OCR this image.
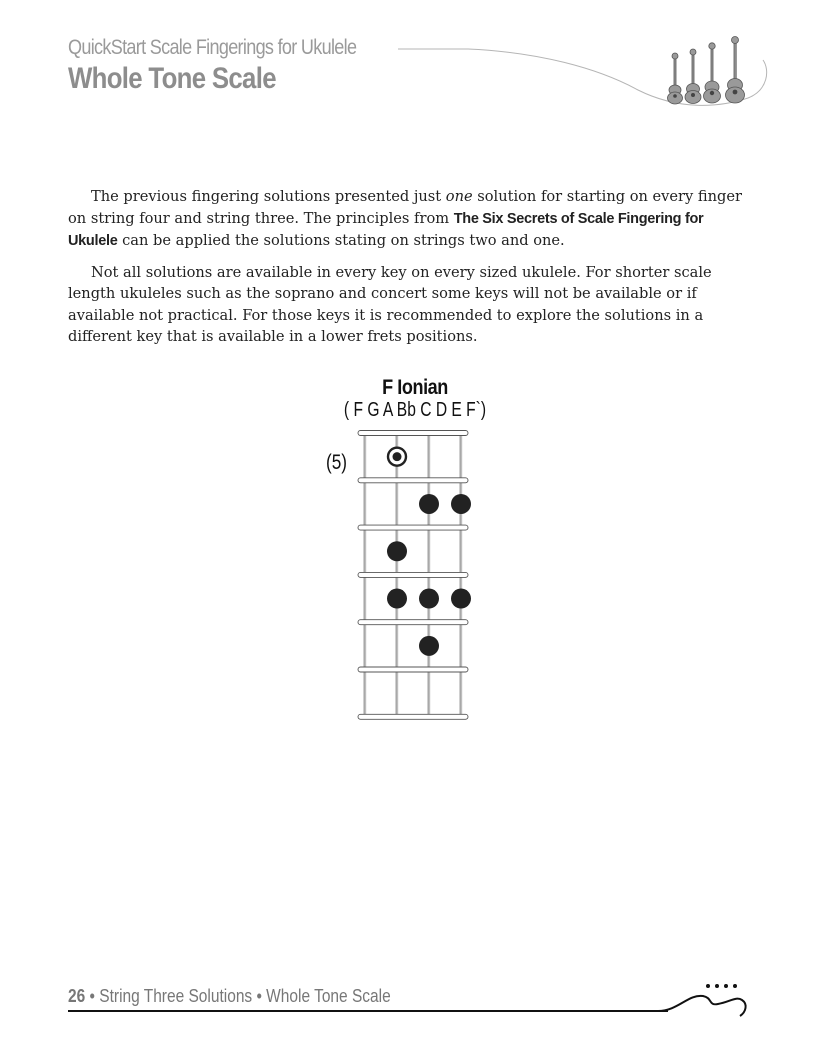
QuickStart Scale Fingerings for Ukulele
Whole Tone Scale

The previous fingering solutions presented just one solution for starting on every finger on string four and string three. The principles from The Six Secrets of Scale Fingering for Ukulele can be applied the solutions stating on strings two and one.

Not all solutions are available in every key on every sized ukulele. For shorter scale length ukuleles such as the soprano and concert some keys will not be available or if available not practical. For those keys it is recommended to explore the solutions in a different key that is available in a lower frets positions.

F Ionian
( F G A Bb C D E F`)
(5)
26 • String Three Solutions • Whole Tone Scale
